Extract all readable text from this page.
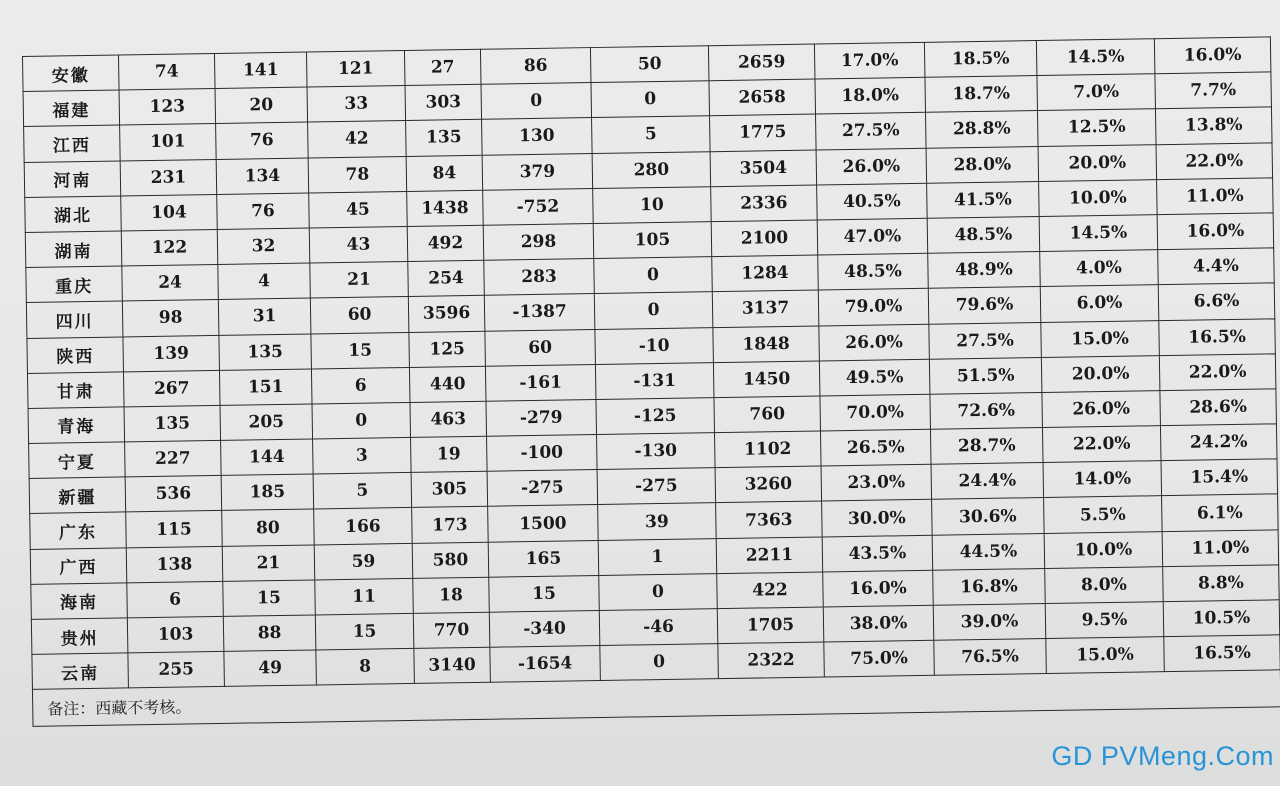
安徽	74	141	121	27	86	50	2659	17.0%	18.5%	14.5%	16.0%
福建	123	20	33	303	0	0	2658	18.0%	18.7%	7.0%	7.7%
江西	101	76	42	135	130	5	1775	27.5%	28.8%	12.5%	13.8%
河南	231	134	78	84	379	280	3504	26.0%	28.0%	20.0%	22.0%
湖北	104	76	45	1438	-752	10	2336	40.5%	41.5%	10.0%	11.0%
湖南	122	32	43	492	298	105	2100	47.0%	48.5%	14.5%	16.0%
重庆	24	4	21	254	283	0	1284	48.5%	48.9%	4.0%	4.4%
四川	98	31	60	3596	-1387	0	3137	79.0%	79.6%	6.0%	6.6%
陕西	139	135	15	125	60	-10	1848	26.0%	27.5%	15.0%	16.5%
甘肃	267	151	6	440	-161	-131	1450	49.5%	51.5%	20.0%	22.0%
青海	135	205	0	463	-279	-125	760	70.0%	72.6%	26.0%	28.6%
宁夏	227	144	3	19	-100	-130	1102	26.5%	28.7%	22.0%	24.2%
新疆	536	185	5	305	-275	-275	3260	23.0%	24.4%	14.0%	15.4%
广东	115	80	166	173	1500	39	7363	30.0%	30.6%	5.5%	6.1%
广西	138	21	59	580	165	1	2211	43.5%	44.5%	10.0%	11.0%
海南	6	15	11	18	15	0	422	16.0%	16.8%	8.0%	8.8%
贵州	103	88	15	770	-340	-46	1705	38.0%	39.0%	9.5%	10.5%
云南	255	49	8	3140	-1654	0	2322	75.0%	76.5%	15.0%	16.5%
备注：西藏不考核。											
GD PVMeng.Com
